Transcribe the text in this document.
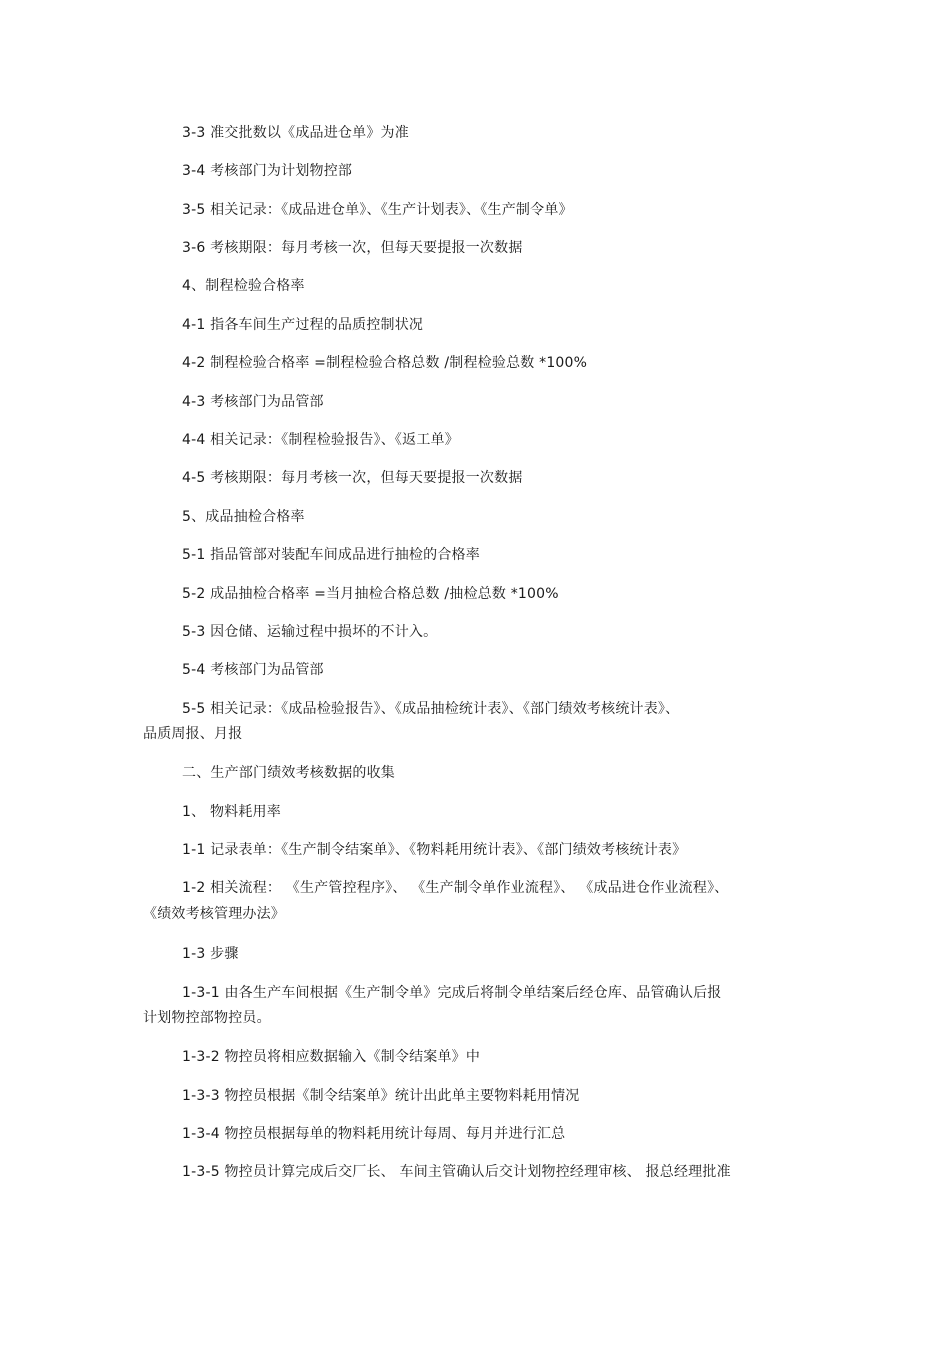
3-3 准交批数以《成品进仓单》为准
3-4 考核部门为计划物控部
3-5 相关记录：《成品进仓单》、《生产计划表》、《生产制令单》
3-6 考核期限：每月考核一次，但每天要提报一次数据
4、制程检验合格率
4-1 指各车间生产过程的品质控制状况
4-2 制程检验合格率 =制程检验合格总数 /制程检验总数 *100%
4-3 考核部门为品管部
4-4 相关记录：《制程检验报告》、《返工单》
4-5 考核期限：每月考核一次，但每天要提报一次数据
5、成品抽检合格率
5-1 指品管部对装配车间成品进行抽检的合格率
5-2 成品抽检合格率 =当月抽检合格总数 /抽检总数 *100%
5-3 因仓储、运输过程中损坏的不计入。
5-4 考核部门为品管部
5-5 相关记录：《成品检验报告》、《成品抽检统计表》、《部门绩效考核统计表》、
品质周报、月报
二、生产部门绩效考核数据的收集
1、 物料耗用率
1-1 记录表单：《生产制令结案单》、《物料耗用统计表》、《部门绩效考核统计表》
1-2 相关流程： 《生产管控程序》、 《生产制令单作业流程》、 《成品进仓作业流程》、
《绩效考核管理办法》
1-3 步骤
1-3-1 由各生产车间根据《生产制令单》完成后将制令单结案后经仓库、品管确认后报
计划物控部物控员。
1-3-2 物控员将相应数据输入《制令结案单》中
1-3-3 物控员根据《制令结案单》统计出此单主要物料耗用情况
1-3-4 物控员根据每单的物料耗用统计每周、每月并进行汇总
1-3-5 物控员计算完成后交厂长、 车间主管确认后交计划物控经理审核、 报总经理批准
